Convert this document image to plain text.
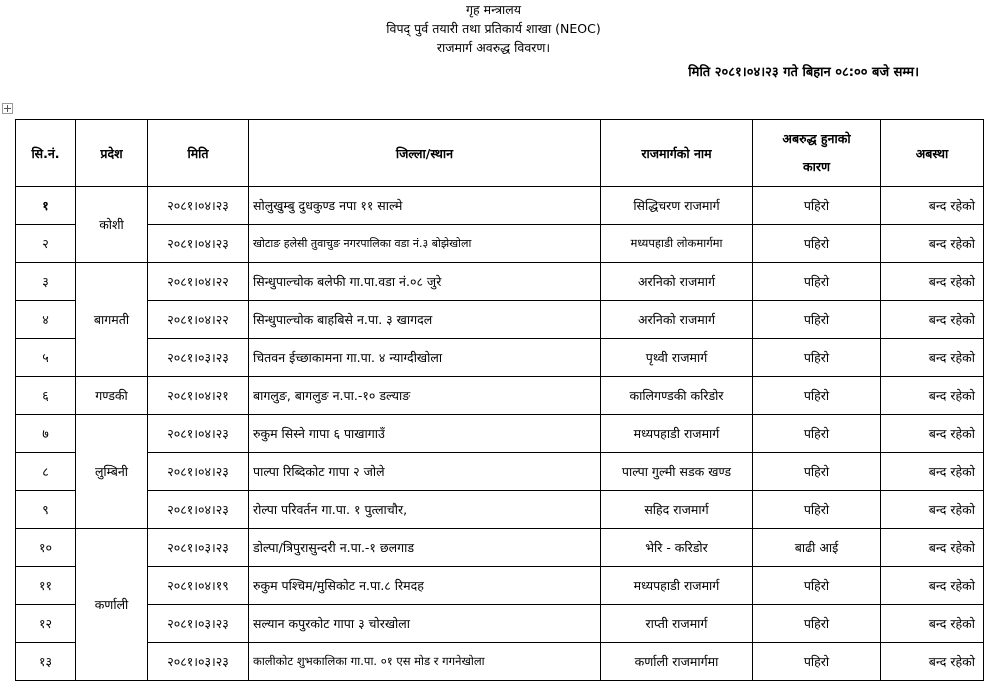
गृह मन्त्रालय
विपद् पुर्व तयारी तथा प्रतिकार्य शाखा (NEOC)
राजमार्ग अवरुद्ध विवरण।
मिति २०८१।०४।२३ गते बिहान ०८:०० बजे सम्म।
सि.नं.	प्रदेश	मिति	जिल्ला/स्थान	राजमार्गको नाम	अबरुद्ध हुनाको कारण	अबस्था
१	कोशी	२०८१।०४।२३	सोलुखुम्बु दुधकुण्ड नपा ११ साल्मे	सिद्धिचरण राजमार्ग	पहिरो	बन्द रहेको
२		२०८१।०४।२३	खोटाङ हलेसी तुवाचुङ नगरपालिका वडा नं.३ बोझेखोला	मध्यपहाडी लोकमार्गमा	पहिरो	बन्द रहेको
३	बागमती	२०८१।०४।२२	सिन्धुपाल्चोक बलेफी गा.पा.वडा नं.०८ जुरे	अरनिको राजमार्ग	पहिरो	बन्द रहेको
४		२०८१।०४।२२	सिन्धुपाल्चोक बाहबिसे न.पा. ३ खागदल	अरनिको राजमार्ग	पहिरो	बन्द रहेको
५		२०८१।०३।२३	चितवन ईच्छाकामना गा.पा. ४ न्याग्दीखोला	पृथ्वी राजमार्ग	पहिरो	बन्द रहेको
६	गण्डकी	२०८१।०४।२१	बागलुङ, बागलुङ न.पा.-१० डल्याङ	कालिगण्डकी करिडोर	पहिरो	बन्द रहेको
७	लुम्बिनी	२०८१।०४।२३	रुकुम सिस्ने गापा ६ पाखागाउँ	मध्यपहाडी राजमार्ग	पहिरो	बन्द रहेको
८		२०८१।०४।२३	पाल्पा रिब्दिकोट गापा २ जोले	पाल्पा गुल्मी सडक खण्ड	पहिरो	बन्द रहेको
९		२०८१।०४।२३	रोल्पा परिवर्तन गा.पा. १ पुत्लाचौर,	सहिद राजमार्ग	पहिरो	बन्द रहेको
१०	कर्णाली	२०८१।०३।२३	डोल्पा/त्रिपुरासुन्दरी न.पा.-१ छलगाड	भेरि - करिडोर	बाढी आई	बन्द रहेको
११		२०८१।०४।१९	रुकुम पश्चिम/मुसिकोट न.पा.८ रिमदह	मध्यपहाडी राजमार्ग	पहिरो	बन्द रहेको
१२		२०८१।०३।२३	सल्यान कपुरकोट गापा ३ चोरखोला	राप्ती राजमार्ग	पहिरो	बन्द रहेको
१३		२०८१।०३।२३	कालीकोट शुभकालिका गा.पा. ०१ एस मोड र गगनेखोला	कर्णाली राजमार्गमा	पहिरो	बन्द रहेको
